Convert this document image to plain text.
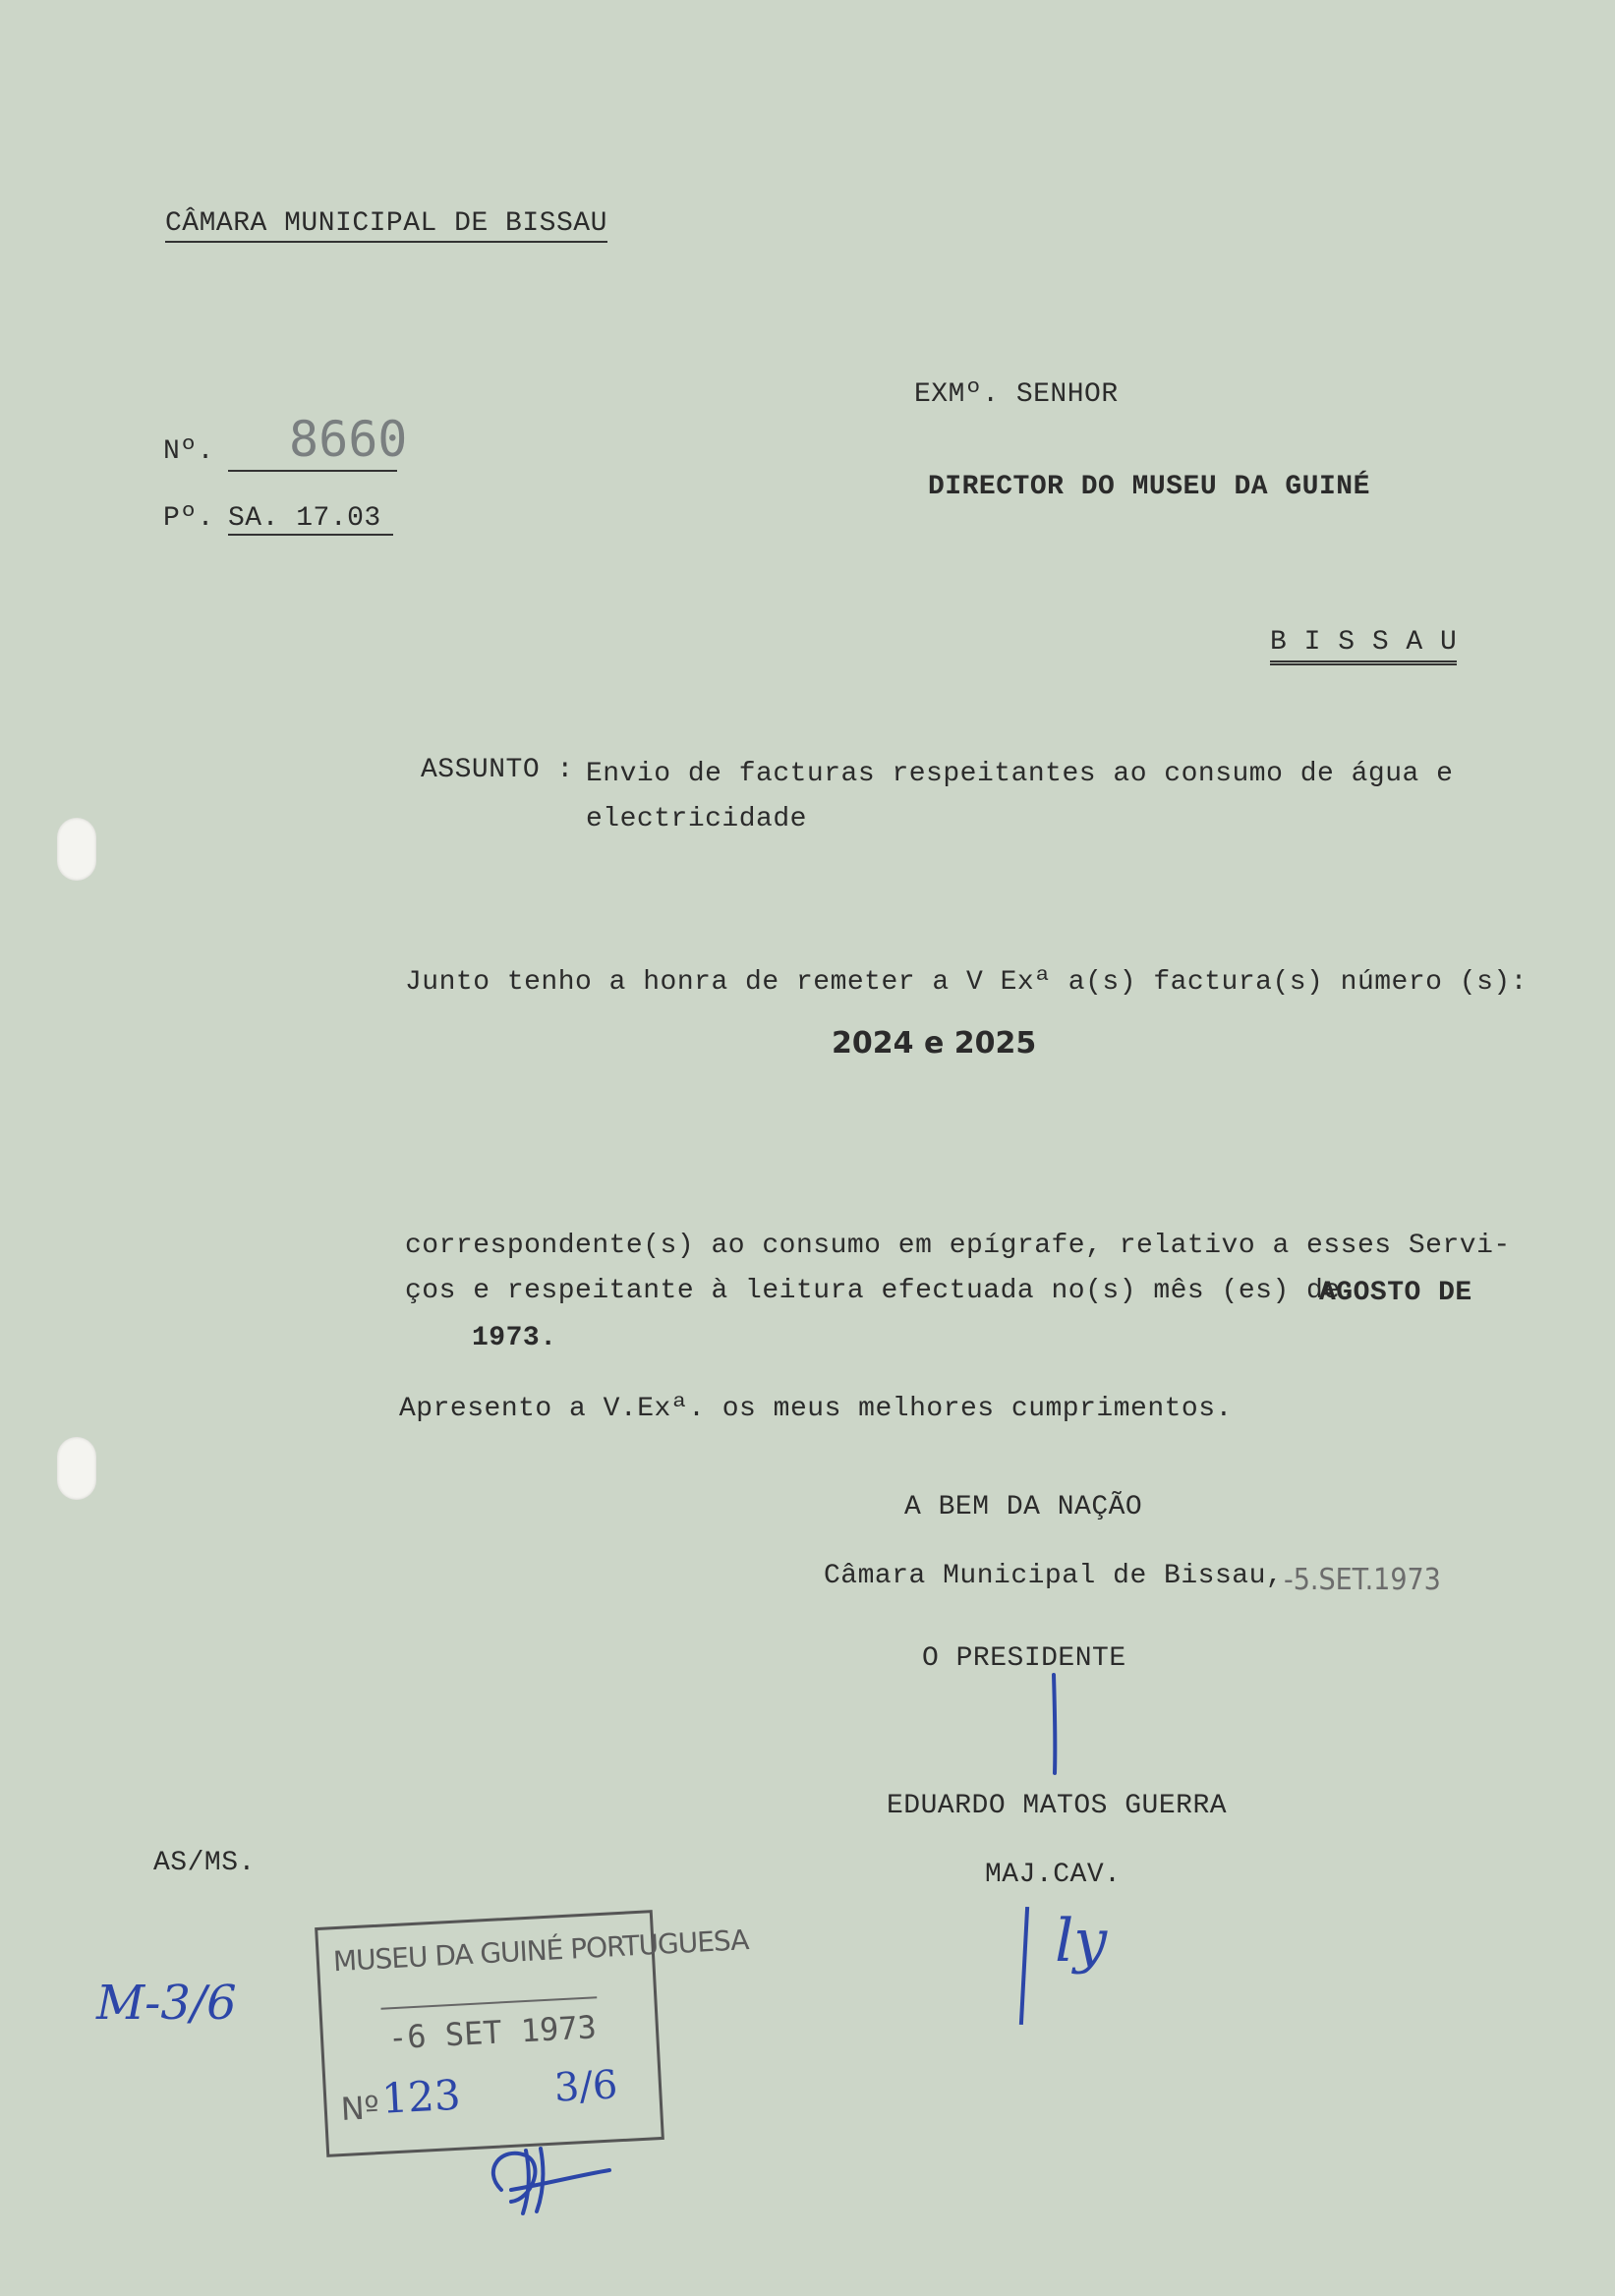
CÂMARA MUNICIPAL DE BISSAU
Nº. 8660
Pº. SA. 17.03
EXMº. SENHOR
DIRECTOR DO MUSEU DA GUINÉ
B I S S A U
ASSUNTO : Envio de facturas respeitantes ao consumo de água e
electricidade
Junto tenho a honra de remeter a V Exª a(s) factura(s) número (s):
2024 e 2025
correspondente(s) ao consumo em epígrafe, relativo a esses Servi-
ços e respeitante à leitura efectuada no(s) mês (es) de:
AGOSTO DE
1973.
Apresento a V.Exª. os meus melhores cumprimentos.
A BEM DA NAÇÃO
Câmara Municipal de Bissau, -5.SET.1973
O PRESIDENTE
EDUARDO MATOS GUERRA
MAJ.CAV.
AS/MS.
M-3/6
ly
MUSEU DA GUINÉ PORTUGUESA
-6 SET 1973
Nº 123 3/6
